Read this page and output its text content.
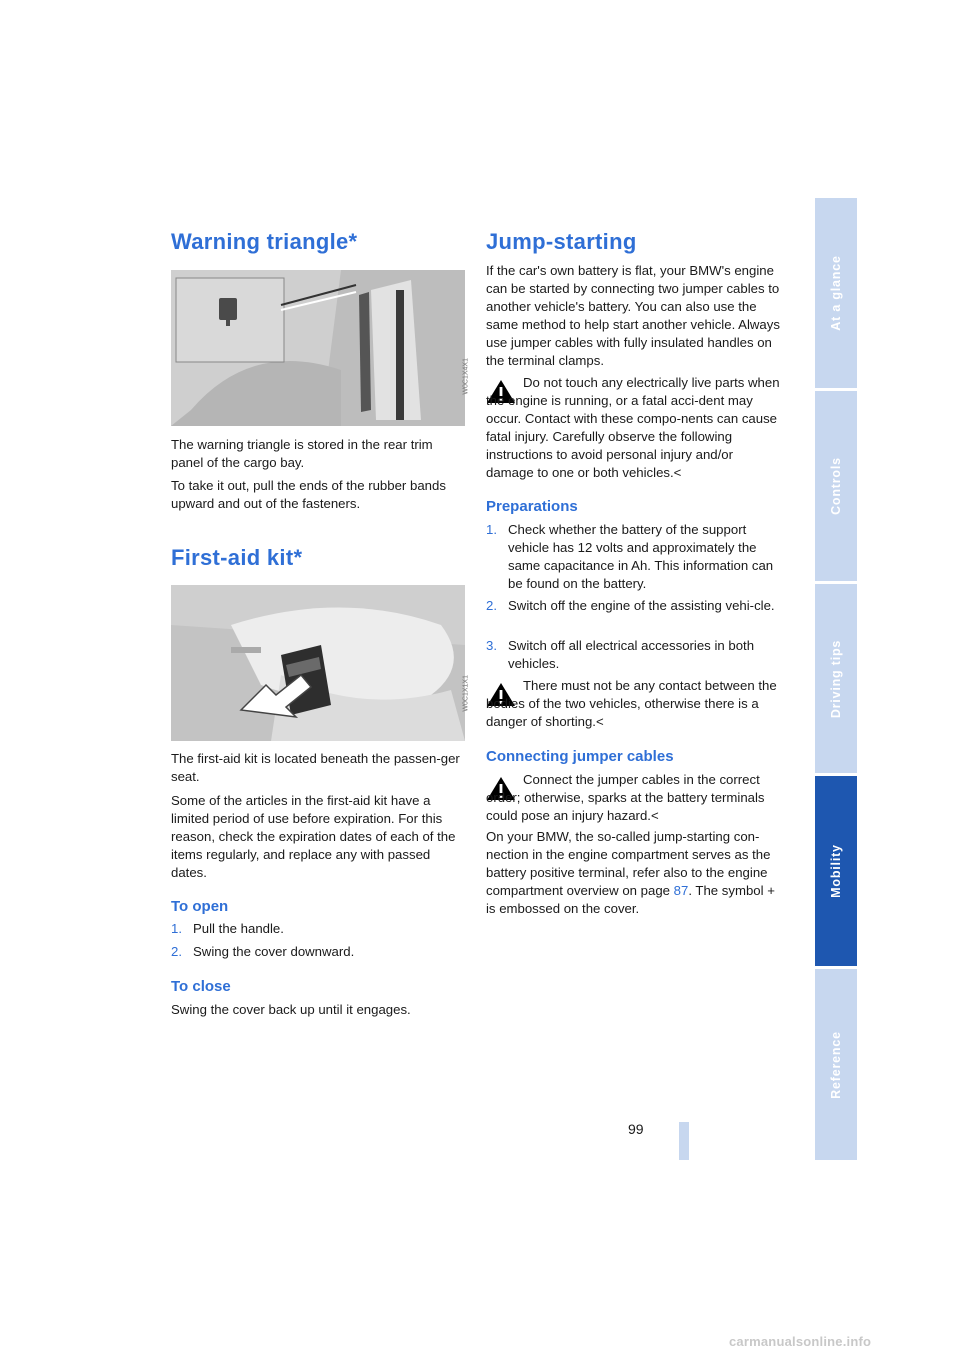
Warning triangle*
W0C1X4X1
The warning triangle is stored in the rear trim panel of the cargo bay.
To take it out, pull the ends of the rubber bands upward and out of the fasteners.
First-aid kit*
W0C1X1X1
The first-aid kit is located beneath the passen-ger seat.
Some of the articles in the first-aid kit have a limited period of use before expiration. For this reason, check the expiration dates of each of the items regularly, and replace any with passed dates.
To open
1. Pull the handle.
2. Swing the cover downward.
To close
Swing the cover back up until it engages.
Jump-starting
If the car's own battery is flat, your BMW's engine can be started by connecting two jumper cables to another vehicle's battery. You can also use the same method to help start another vehicle. Always use jumper cables with fully insulated handles on the terminal clamps.
Do not touch any electrically live parts when the engine is running, or a fatal acci-dent may occur. Contact with these compo-nents can cause fatal injury. Carefully observe the following instructions to avoid personal injury and/or damage to one or both vehicles.<
Preparations
1. Check whether the battery of the support vehicle has 12 volts and approximately the same capacitance in Ah. This information can be found on the battery.
2. Switch off the engine of the assisting vehi-cle.
3. Switch off all electrical accessories in both vehicles.
There must not be any contact between the bodies of the two vehicles, otherwise there is a danger of shorting.<
Connecting jumper cables
Connect the jumper cables in the correct order; otherwise, sparks at the battery terminals could pose an injury hazard.<
On your BMW, the so-called jump-starting con-nection in the engine compartment serves as the battery positive terminal, refer also to the engine compartment overview on page 87. The symbol + is embossed on the cover.
At a glance
Controls
Driving tips
Mobility
Reference
99
carmanualsonline.info
